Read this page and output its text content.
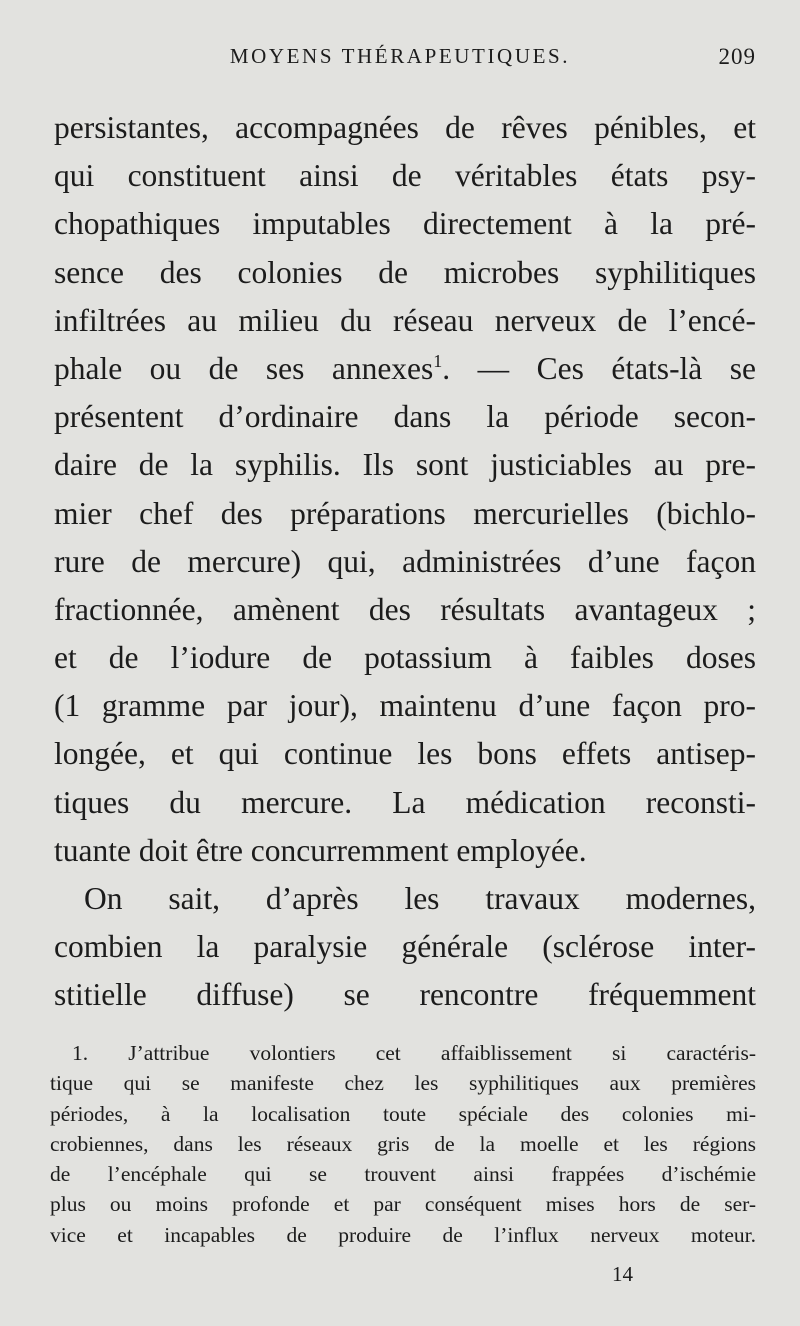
MOYENS THÉRAPEUTIQUES.	209
persistantes, accompagnées de rêves pénibles, et
qui constituent ainsi de véritables états psy-
chopathiques imputables directement à la pré-
sence des colonies de microbes syphilitiques
infiltrées au milieu du réseau nerveux de l’encé-
phale ou de ses annexes$^1$. — Ces états-là se
présentent d’ordinaire dans la période secon-
daire de la syphilis. Ils sont justiciables au pre-
mier chef des préparations mercurielles (bichlo-
rure de mercure) qui, administrées d’une façon
fractionnée, amènent des résultats avantageux ;
et de l’iodure de potassium à faibles doses
(1 gramme par jour), maintenu d’une façon pro-
longée, et qui continue les bons effets antisep-
tiques du mercure. La médication reconsti-
tuante doit être concurremment employée.
On sait, d’après les travaux modernes,
combien la paralysie générale (sclérose inter-
stitielle diffuse) se rencontre fréquemment
1. J’attribue volontiers cet affaiblissement si caractéris-
tique qui se manifeste chez les syphilitiques aux premières
périodes, à la localisation toute spéciale des colonies mi-
crobiennes, dans les réseaux gris de la moelle et les régions
de l’encéphale qui se trouvent ainsi frappées d’ischémie
plus ou moins profonde et par conséquent mises hors de ser-
vice et incapables de produire de l’influx nerveux moteur.
14
